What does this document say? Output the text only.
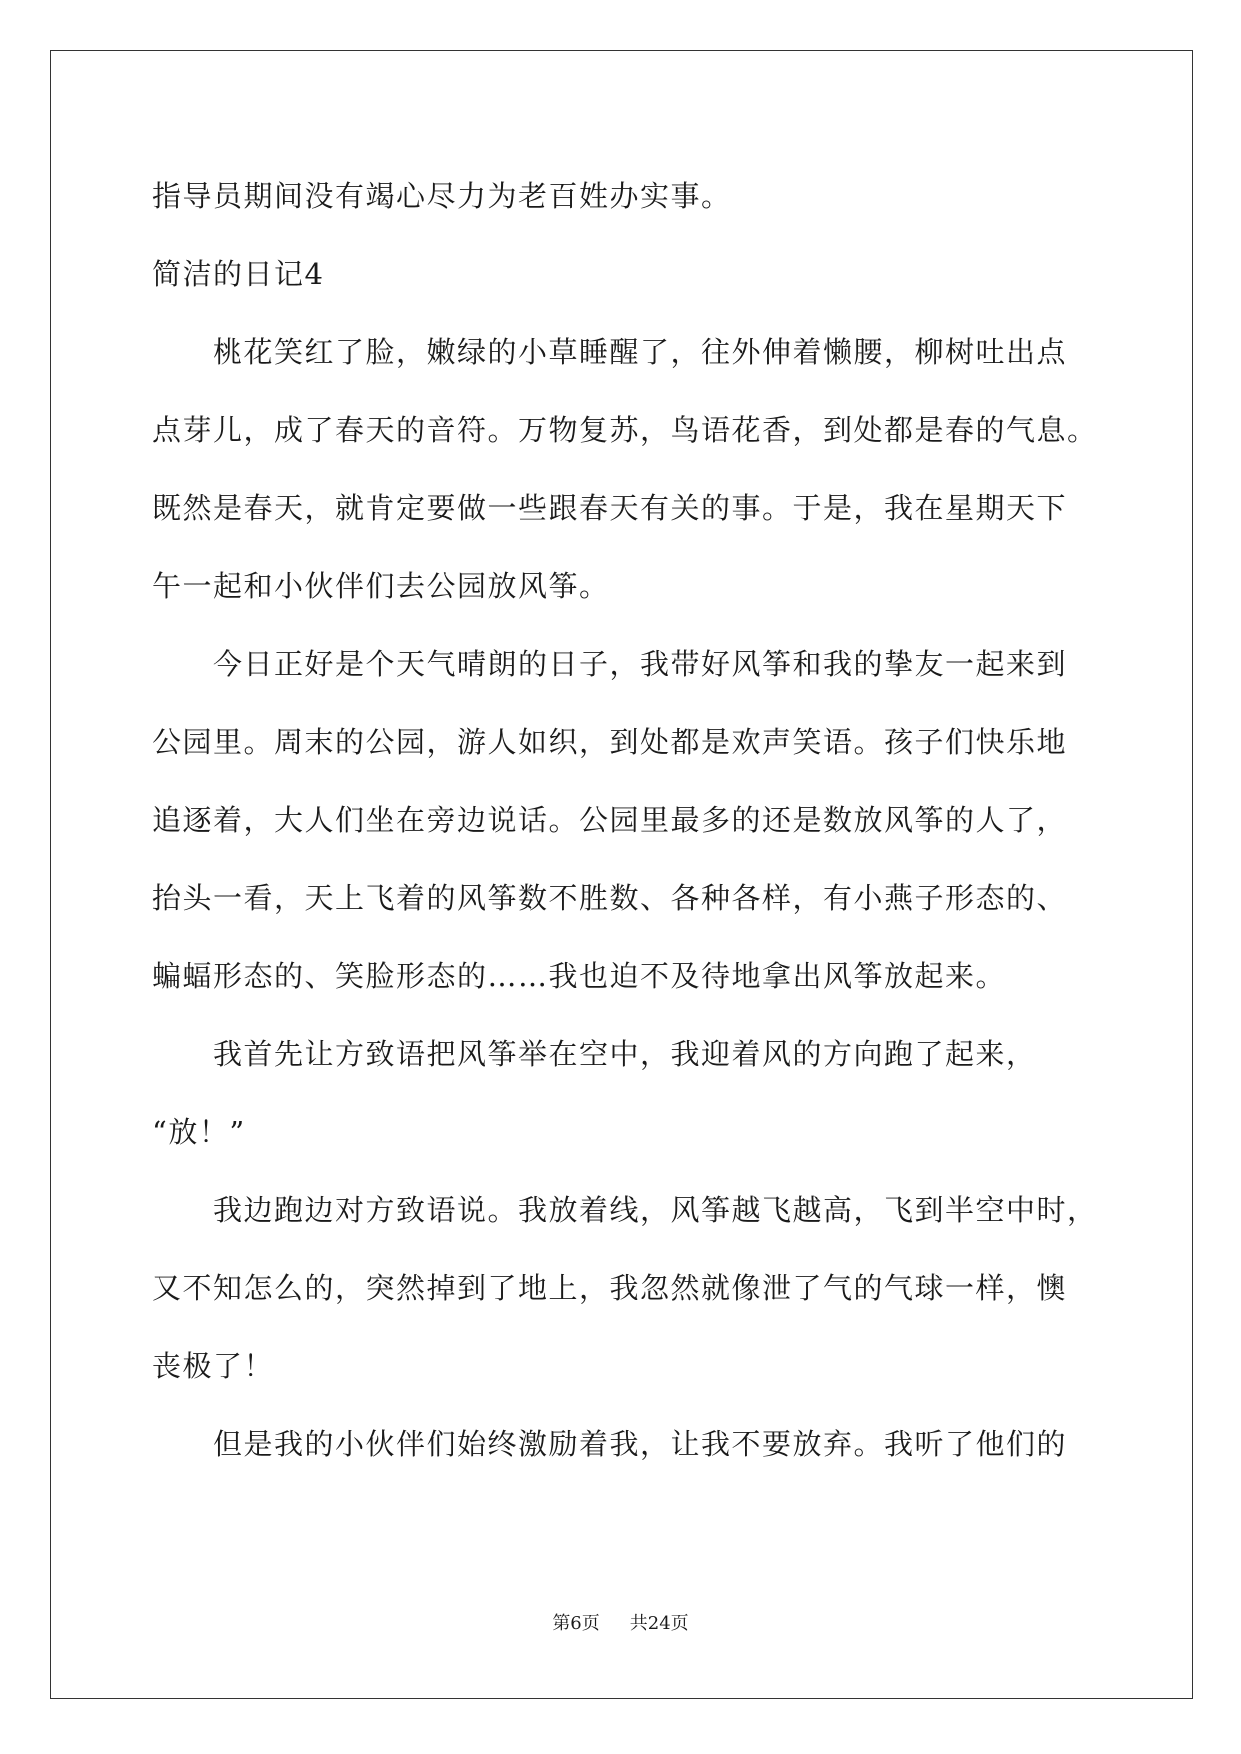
指导员期间没有竭心尽力为老百姓办实事。
简洁的日记4
　　桃花笑红了脸，嫩绿的小草睡醒了，往外伸着懒腰，柳树吐出点
点芽儿，成了春天的音符。万物复苏，鸟语花香，到处都是春的气息。
既然是春天，就肯定要做一些跟春天有关的事。于是，我在星期天下
午一起和小伙伴们去公园放风筝。
　　今日正好是个天气晴朗的日子，我带好风筝和我的挚友一起来到
公园里。周末的公园，游人如织，到处都是欢声笑语。孩子们快乐地
追逐着，大人们坐在旁边说话。公园里最多的还是数放风筝的人了，
抬头一看，天上飞着的风筝数不胜数、各种各样，有小燕子形态的、
蝙蝠形态的、笑脸形态的……我也迫不及待地拿出风筝放起来。
　　我首先让方致语把风筝举在空中，我迎着风的方向跑了起来，
“放！”
　　我边跑边对方致语说。我放着线，风筝越飞越高，飞到半空中时，
又不知怎么的，突然掉到了地上，我忽然就像泄了气的气球一样，懊
丧极了！
　　但是我的小伙伴们始终激励着我，让我不要放弃。我听了他们的
第6页 共24页
